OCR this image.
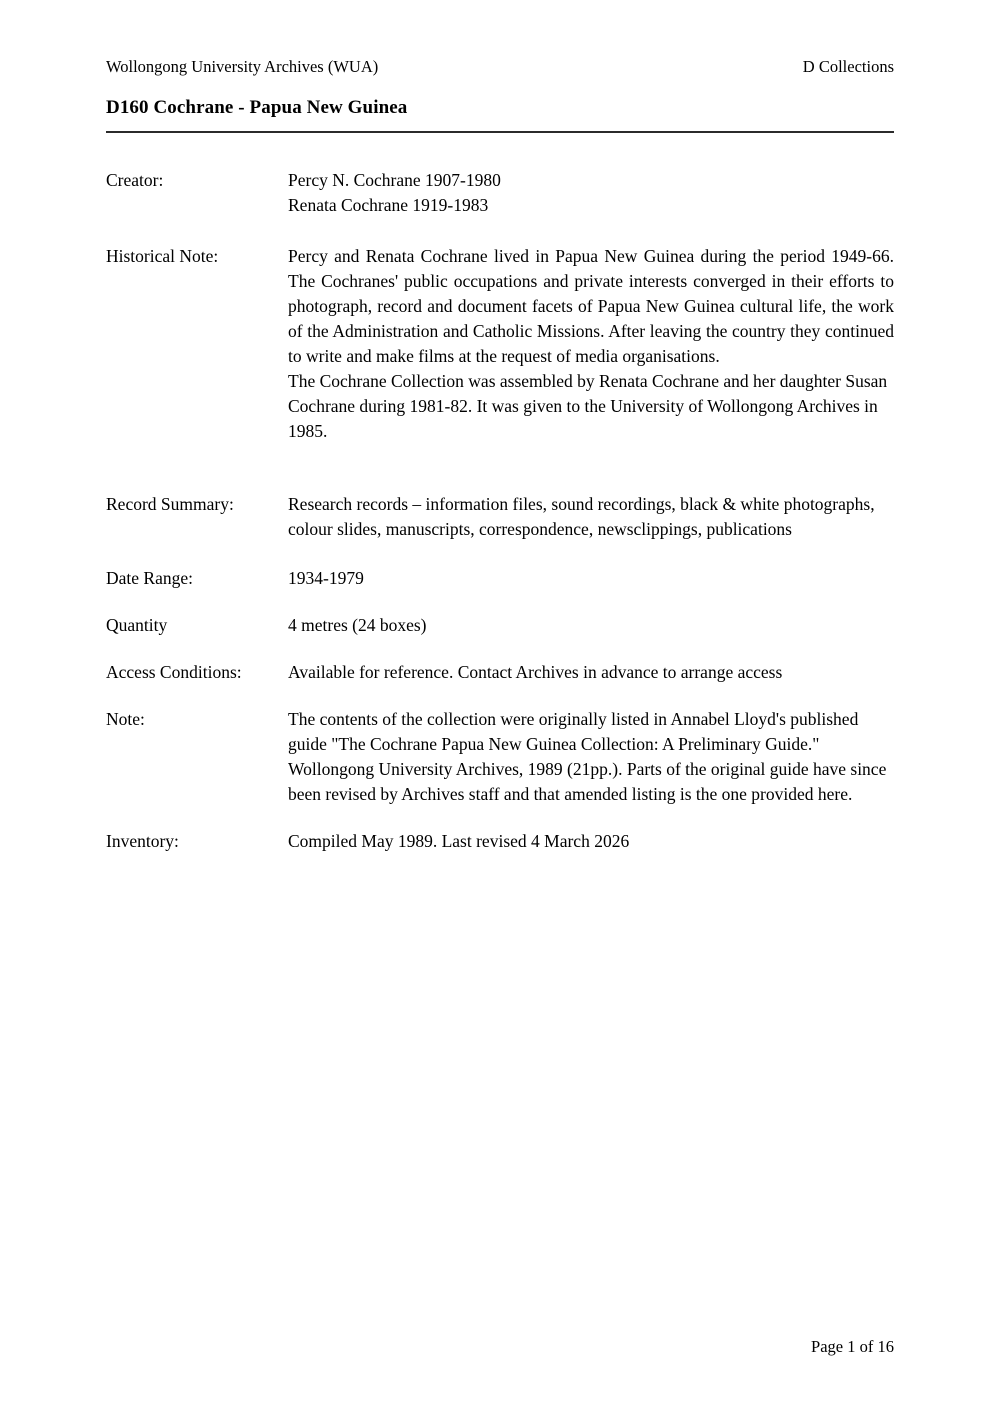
Wollongong University Archives (WUA)	D Collections
D160 Cochrane - Papua New Guinea
Creator:	Percy N. Cochrane 1907-1980
Renata Cochrane 1919-1983
Historical Note:	Percy and Renata Cochrane lived in Papua New Guinea during the period 1949-66. The Cochranes' public occupations and private interests converged in their efforts to photograph, record and document facets of Papua New Guinea cultural life, the work of the Administration and Catholic Missions. After leaving the country they continued to write and make films at the request of media organisations.

The Cochrane Collection was assembled by Renata Cochrane and her daughter Susan Cochrane during 1981-82. It was given to the University of Wollongong Archives in 1985.

Record Summary:	Research records – information files, sound recordings, black & white photographs, colour slides, manuscripts, correspondence, newsclippings, publications

Date Range:	1934-1979
Quantity	4 metres (24 boxes)
Access Conditions:	Available for reference. Contact Archives in advance to arrange access
Note:	The contents of the collection were originally listed in Annabel Lloyd's published guide "The Cochrane Papua New Guinea Collection: A Preliminary Guide." Wollongong University Archives, 1989 (21pp.). Parts of the original guide have since been revised by Archives staff and that amended listing is the one provided here.

Inventory:	Compiled May 1989. Last revised 4 March 2026
Page 1 of 16
